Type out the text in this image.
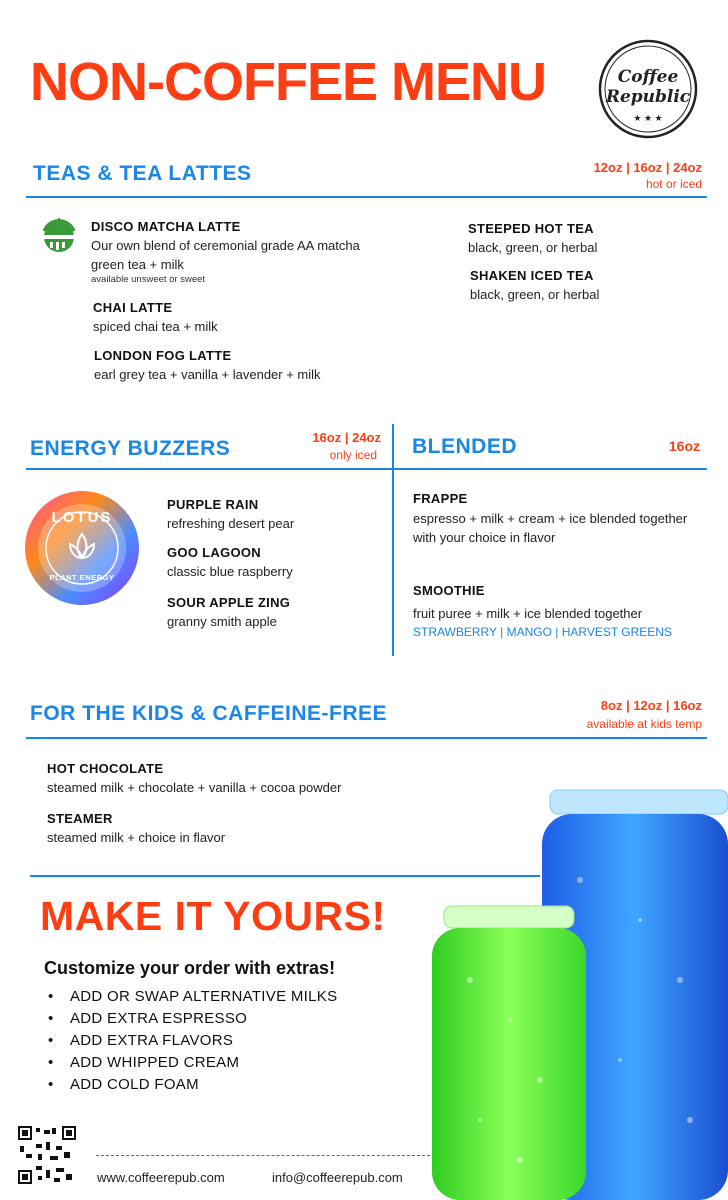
NON-COFFEE MENU	Coffee
Republic
★ ★ ★
TEAS & TEA LATTES	12oz | 16oz | 24oz
hot or iced
DISCO MATCHA LATTE
Our own blend of ceremonial grade AA matcha green tea + milk
available unsweet or sweet
CHAI LATTE
spiced chai tea + milk
LONDON FOG LATTE
earl grey tea + vanilla + lavender + milk
STEEPED HOT TEA
black, green, or herbal
SHAKEN ICED TEA
black, green, or herbal
ENERGY BUZZERS	16oz | 24oz
only iced
LOTUS
PLANT ENERGY
PURPLE RAIN
refreshing desert pear
GOO LAGOON
classic blue raspberry
SOUR APPLE ZING
granny smith apple
BLENDED	16oz
FRAPPE
espresso + milk + cream + ice blended together with your choice in flavor
SMOOTHIE
fruit puree + milk + ice blended together
STRAWBERRY | MANGO | HARVEST GREENS
FOR THE KIDS & CAFFEINE-FREE	8oz | 12oz | 16oz
available at kids temp
HOT CHOCOLATE
steamed milk + chocolate + vanilla + cocoa powder
STEAMER
steamed milk + choice in flavor
MAKE IT YOURS!
Customize your order with extras!
• ADD OR SWAP ALTERNATIVE MILKS
• ADD EXTRA ESPRESSO
• ADD EXTRA FLAVORS
• ADD WHIPPED CREAM
• ADD COLD FOAM
www.coffeerepub.com	info@coffeerepub.com
